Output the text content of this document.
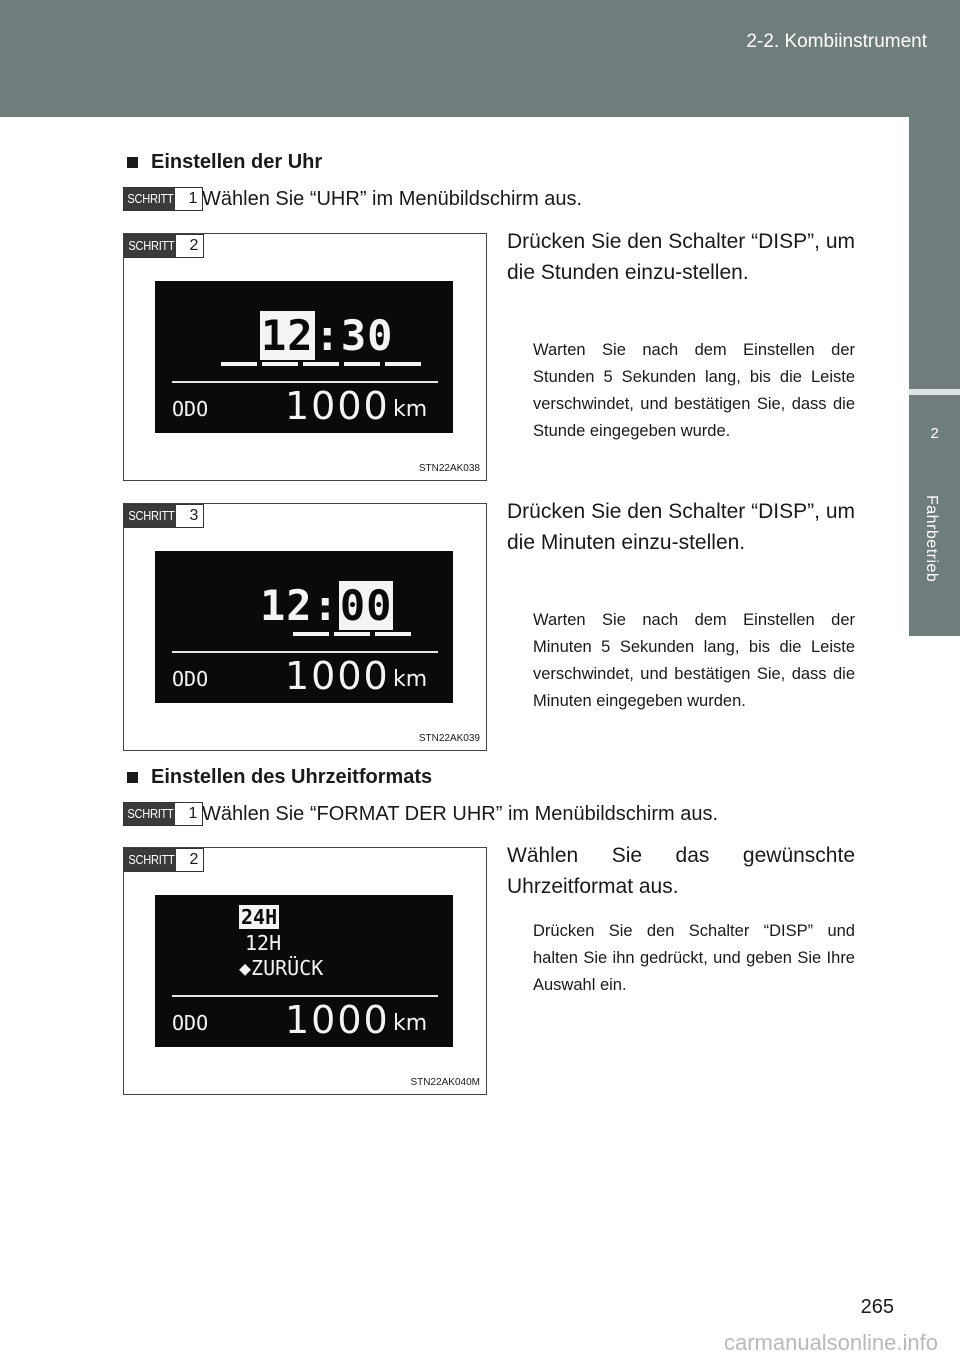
2-2. Kombiinstrument
2
Fahrbetrieb
Einstellen der Uhr
SCHRITT 1 Wählen Sie “UHR” im Menübildschirm aus.
SCHRITT 2
12:30
ODO 1000 km
STN22AK038
Drücken Sie den Schalter “DISP”, um die Stunden einzu-stellen.
Warten Sie nach dem Einstellen der Stunden 5 Sekunden lang, bis die Leiste verschwindet, und bestätigen Sie, dass die Stunde eingegeben wurde.
SCHRITT 3
12:00
ODO 1000 km
STN22AK039
Drücken Sie den Schalter “DISP”, um die Minuten einzu-stellen.
Warten Sie nach dem Einstellen der Minuten 5 Sekunden lang, bis die Leiste verschwindet, und bestätigen Sie, dass die Minuten eingegeben wurden.
Einstellen des Uhrzeitformats
SCHRITT 1 Wählen Sie “FORMAT DER UHR” im Menübildschirm aus.
SCHRITT 2
24H
12H
◆ZURÜCK
ODO 1000 km
STN22AK040M
Wählen Sie das gewünschte Uhrzeitformat aus.
Drücken Sie den Schalter “DISP” und halten Sie ihn gedrückt, und geben Sie Ihre Auswahl ein.
265
carmanualsonline.info
